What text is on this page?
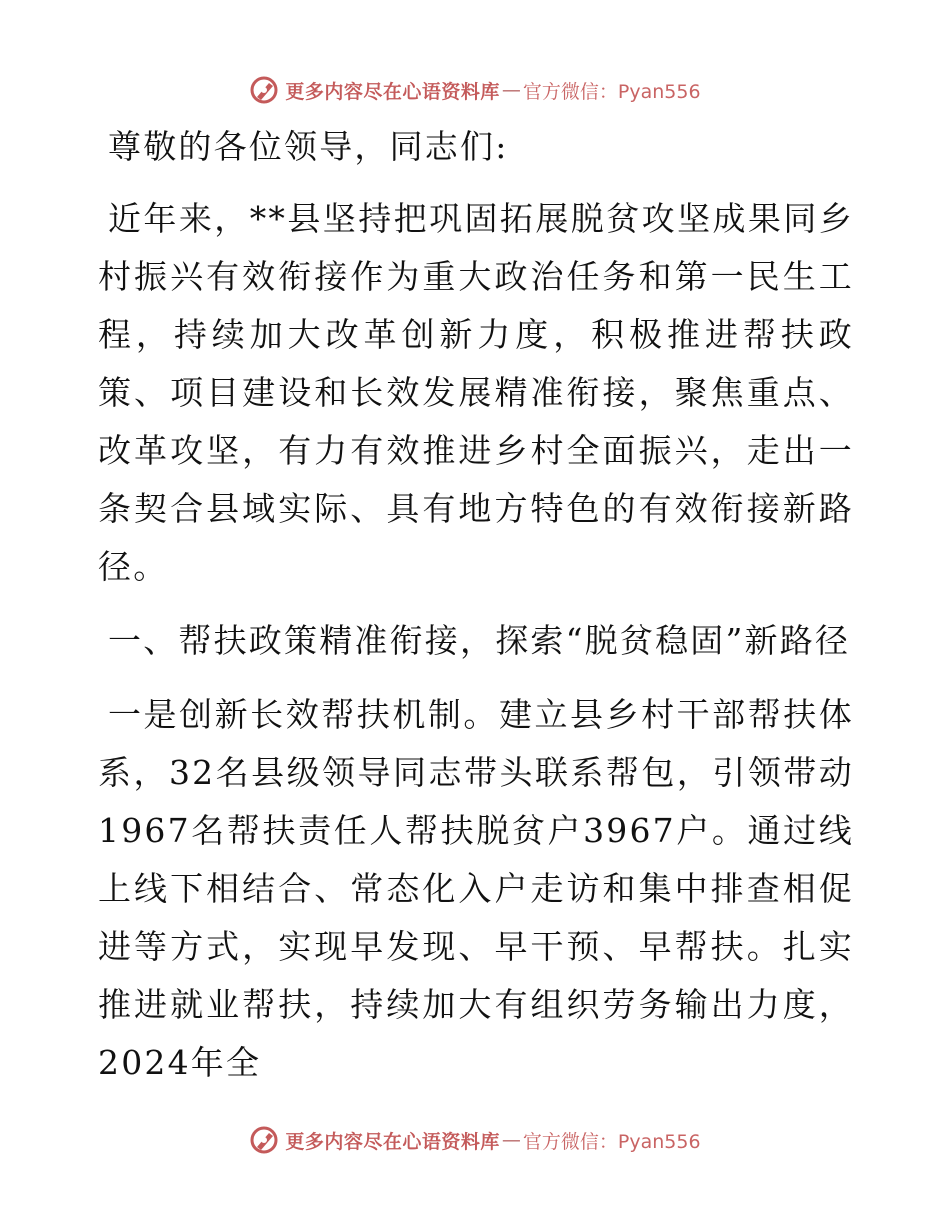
更多内容尽在心语资料库 — 官方微信：Pyan556

尊敬的各位领导，同志们:

近年来，**县坚持把巩固拓展脱贫攻坚成果同乡村振兴有效衔接作为重大政治任务和第一民生工程，持续加大改革创新力度，积极推进帮扶政策、项目建设和长效发展精准衔接，聚焦重点、改革攻坚，有力有效推进乡村全面振兴，走出一条契合县域实际、具有地方特色的有效衔接新路径。

一、帮扶政策精准衔接，探索“脱贫稳固”新路径

一是创新长效帮扶机制。建立县乡村干部帮扶体系，32名县级领导同志带头联系帮包，引领带动1967名帮扶责任人帮扶脱贫户3967户。通过线上线下相结合、常态化入户走访和集中排查相促进等方式，实现早发现、早干预、早帮扶。扎实推进就业帮扶，持续加大有组织劳务输出力度，2024年全

更多内容尽在心语资料库 — 官方微信：Pyan556
